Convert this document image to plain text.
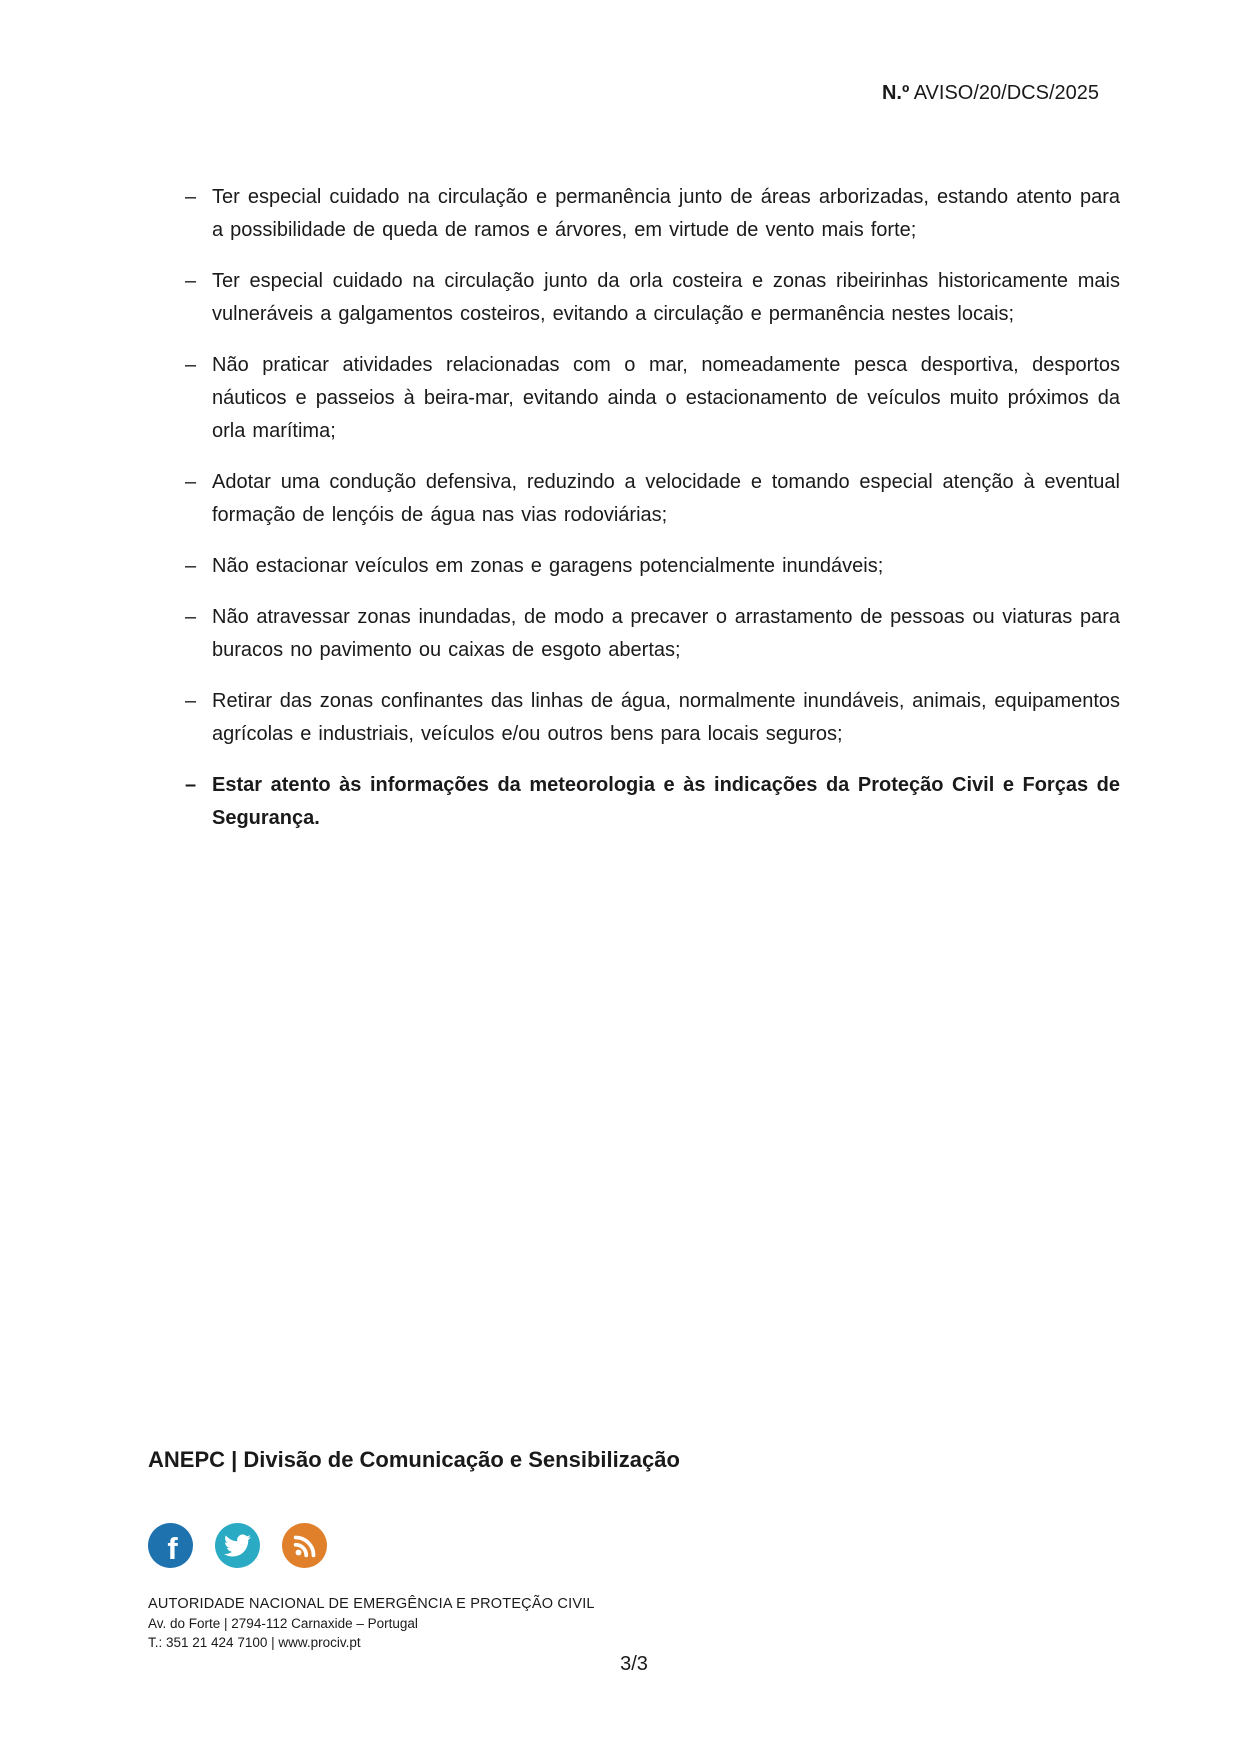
N.º AVISO/20/DCS/2025
– Ter especial cuidado na circulação e permanência junto de áreas arborizadas, estando atento para a possibilidade de queda de ramos e árvores, em virtude de vento mais forte;
– Ter especial cuidado na circulação junto da orla costeira e zonas ribeirinhas historicamente mais vulneráveis a galgamentos costeiros, evitando a circulação e permanência nestes locais;
– Não praticar atividades relacionadas com o mar, nomeadamente pesca desportiva, desportos náuticos e passeios à beira-mar, evitando ainda o estacionamento de veículos muito próximos da orla marítima;
– Adotar uma condução defensiva, reduzindo a velocidade e tomando especial atenção à eventual formação de lençóis de água nas vias rodoviárias;
– Não estacionar veículos em zonas e garagens potencialmente inundáveis;
– Não atravessar zonas inundadas, de modo a precaver o arrastamento de pessoas ou viaturas para buracos no pavimento ou caixas de esgoto abertas;
– Retirar das zonas confinantes das linhas de água, normalmente inundáveis, animais, equipamentos agrícolas e industriais, veículos e/ou outros bens para locais seguros;
– Estar atento às informações da meteorologia e às indicações da Proteção Civil e Forças de Segurança.
ANEPC | Divisão de Comunicação e Sensibilização
f
AUTORIDADE NACIONAL DE EMERGÊNCIA E PROTEÇÃO CIVIL
Av. do Forte | 2794-112 Carnaxide – Portugal
T.: 351 21 424 7100 | www.prociv.pt
3/3
